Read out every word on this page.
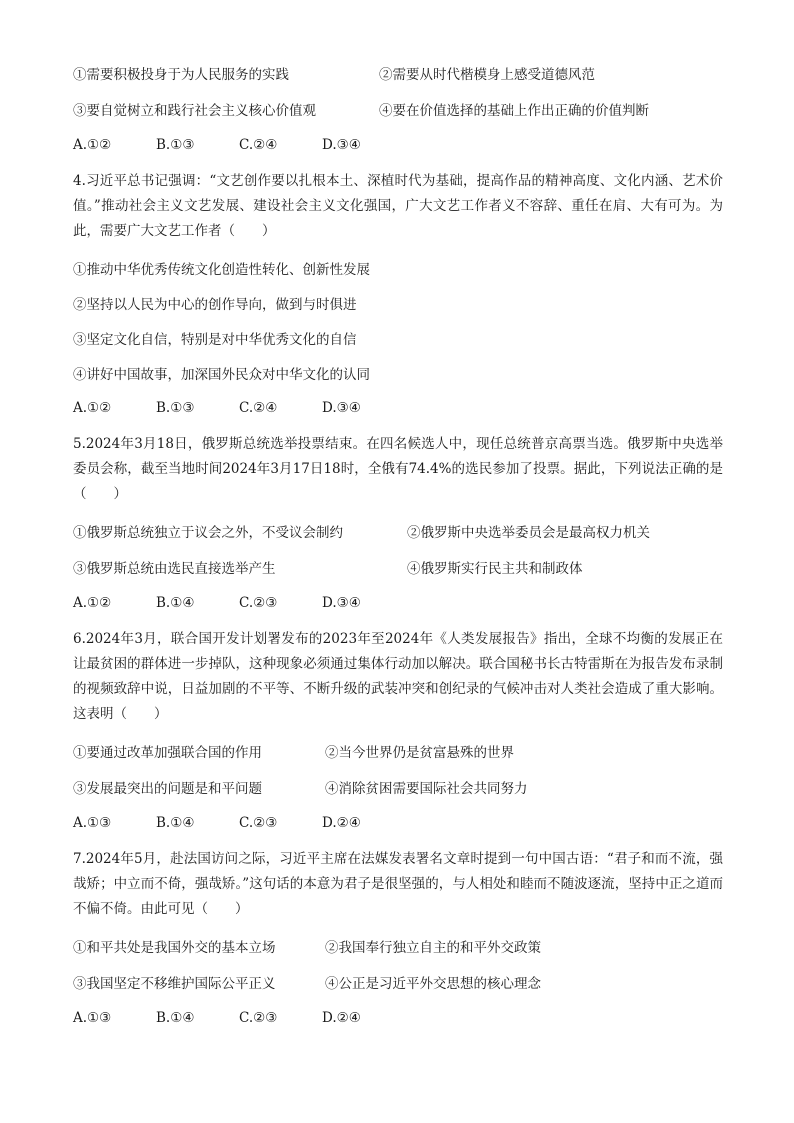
①需要积极投身于为人民服务的实践	②需要从时代楷模身上感受道德风范
③要自觉树立和践行社会主义核心价值观	④要在价值选择的基础上作出正确的价值判断
A.①②	B.①③	C.②④	D.③④
4.习近平总书记强调：“文艺创作要以扎根本土、深植时代为基础，提高作品的精神高度、文化内涵、艺术价值。”推动社会主义文艺发展、建设社会主义文化强国，广大文艺工作者义不容辞、重任在肩、大有可为。为此，需要广大文艺工作者（　　）
①推动中华优秀传统文化创造性转化、创新性发展
②坚持以人民为中心的创作导向，做到与时俱进
③坚定文化自信，特别是对中华优秀文化的自信
④讲好中国故事，加深国外民众对中华文化的认同
A.①②	B.①③	C.②④	D.③④
5.2024年3月18日，俄罗斯总统选举投票结束。在四名候选人中，现任总统普京高票当选。俄罗斯中央选举委员会称，截至当地时间2024年3月17日18时，全俄有74.4%的选民参加了投票。据此，下列说法正确的是（　　）
①俄罗斯总统独立于议会之外，不受议会制约	②俄罗斯中央选举委员会是最高权力机关
③俄罗斯总统由选民直接选举产生	④俄罗斯实行民主共和制政体
A.①②	B.①④	C.②③	D.③④
6.2024年3月，联合国开发计划署发布的2023年至2024年《人类发展报告》指出，全球不均衡的发展正在让最贫困的群体进一步掉队，这种现象必须通过集体行动加以解决。联合国秘书长古特雷斯在为报告发布录制的视频致辞中说，日益加剧的不平等、不断升级的武装冲突和创纪录的气候冲击对人类社会造成了重大影响。这表明（　　）
①要通过改革加强联合国的作用	②当今世界仍是贫富悬殊的世界
③发展最突出的问题是和平问题	④消除贫困需要国际社会共同努力
A.①③	B.①④	C.②③	D.②④
7.2024年5月，赴法国访问之际，习近平主席在法媒发表署名文章时提到一句中国古语：“君子和而不流，强哉矫；中立而不倚，强哉矫。”这句话的本意为君子是很坚强的，与人相处和睦而不随波逐流，坚持中正之道而不偏不倚。由此可见（　　）
①和平共处是我国外交的基本立场	②我国奉行独立自主的和平外交政策
③我国坚定不移维护国际公平正义	④公正是习近平外交思想的核心理念
A.①③	B.①④	C.②③	D.②④
